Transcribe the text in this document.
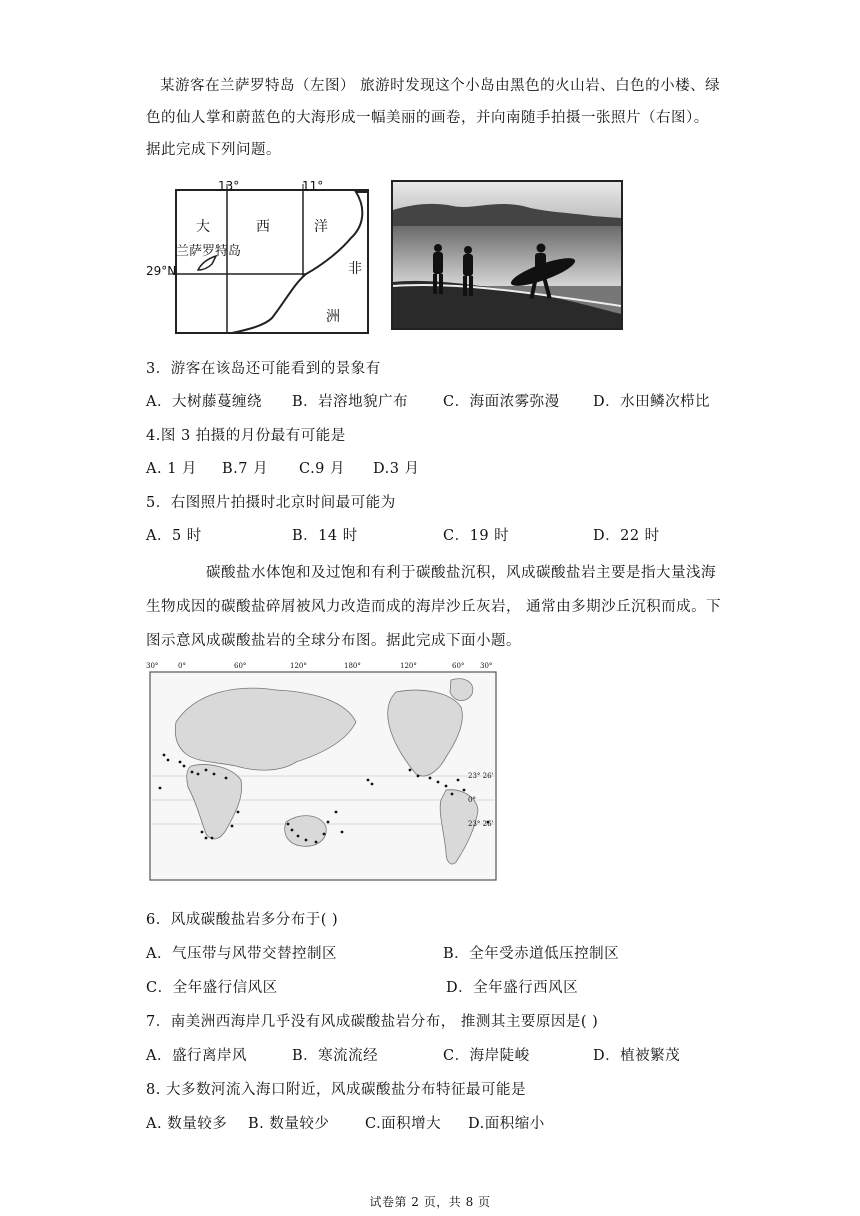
某游客在兰萨罗特岛（左图） 旅游时发现这个小岛由黑色的火山岩、白色的小楼、绿
色的仙人掌和蔚蓝色的大海形成一幅美丽的画卷，并向南随手拍摄一张照片（右图）。
据此完成下列问题。
13°	11°
29°N
大	西	洋
兰萨罗特岛
非
洲
3．游客在该岛还可能看到的景象有
A．大树藤蔓缠绕 B．岩溶地貌广布 C．海面浓雾弥漫 D．水田鳞次栉比
4.图 3 拍摄的月份最有可能是
A. 1 月 B.7 月 C.9 月 D.3 月
5．右图照片拍摄时北京时间最可能为
A．5 时	B．14 时	C．19 时	D．22 时
碳酸盐水体饱和及过饱和有利于碳酸盐沉积，风成碳酸盐岩主要是指大量浅海
生物成因的碳酸盐碎屑被风力改造而成的海岸沙丘灰岩， 通常由多期沙丘沉积而成。下
图示意风成碳酸盐岩的全球分布图。据此完成下面小题。
30°	0°	60°	120°	180°	120°	60° 30°
23° 26'
0°
23° 26'
6．风成碳酸盐岩多分布于( )
A．气压带与风带交替控制区	B．全年受赤道低压控制区
C．全年盛行信风区	D．全年盛行西风区
7．南美洲西海岸几乎没有风成碳酸盐岩分布， 推测其主要原因是( )
A．盛行离岸风	B．寒流流经	C．海岸陡峻	D．植被繁茂
8. 大多数河流入海口附近，风成碳酸盐分布特征最可能是
A. 数量较多 B. 数量较少 C.面积增大 D.面积缩小
试卷第 2 页，共 8 页
